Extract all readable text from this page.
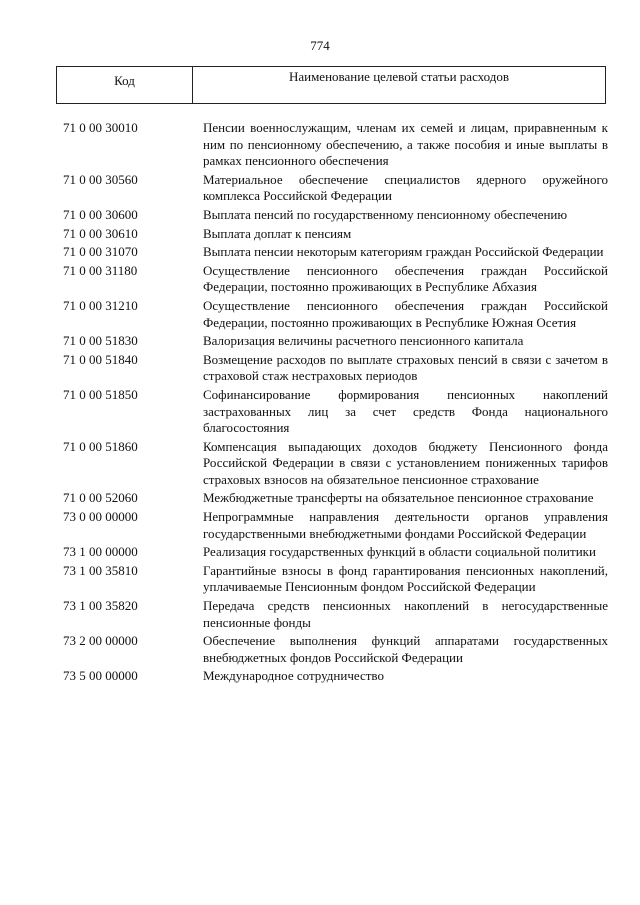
774
Код	Наименование целевой статьи расходов
71 0 00 30010	Пенсии военнослужащим, членам их семей и лицам, приравненным к ним по пенсионному обеспечению, а также пособия и иные выплаты в рамках пенсионного обеспечения
71 0 00 30560	Материальное обеспечение специалистов ядерного оружейного комплекса Российской Федерации
71 0 00 30600	Выплата пенсий по государственному пенсионному обеспечению
71 0 00 30610	Выплата доплат к пенсиям
71 0 00 31070	Выплата пенсии некоторым категориям граждан Российской Федерации
71 0 00 31180	Осуществление пенсионного обеспечения граждан Российской Федерации, постоянно проживающих в Республике Абхазия
71 0 00 31210	Осуществление пенсионного обеспечения граждан Российской Федерации, постоянно проживающих в Республике Южная Осетия
71 0 00 51830	Валоризация величины расчетного пенсионного капитала
71 0 00 51840	Возмещение расходов по выплате страховых пенсий в связи с зачетом в страховой стаж нестраховых периодов
71 0 00 51850	Софинансирование формирования пенсионных накоплений застрахованных лиц за счет средств Фонда национального благосостояния
71 0 00 51860	Компенсация выпадающих доходов бюджету Пенсионного фонда Российской Федерации в связи с установлением пониженных тарифов страховых взносов на обязательное пенсионное страхование
71 0 00 52060	Межбюджетные трансферты на обязательное пенсионное страхование
73 0 00 00000	Непрограммные направления деятельности органов управления государственными внебюджетными фондами Российской Федерации
73 1 00 00000	Реализация государственных функций в области социальной политики
73 1 00 35810	Гарантийные взносы в фонд гарантирования пенсионных накоплений, уплачиваемые Пенсионным фондом Российской Федерации
73 1 00 35820	Передача средств пенсионных накоплений в негосударственные пенсионные фонды
73 2 00 00000	Обеспечение выполнения функций аппаратами государственных внебюджетных фондов Российской Федерации
73 5 00 00000	Международное сотрудничество
